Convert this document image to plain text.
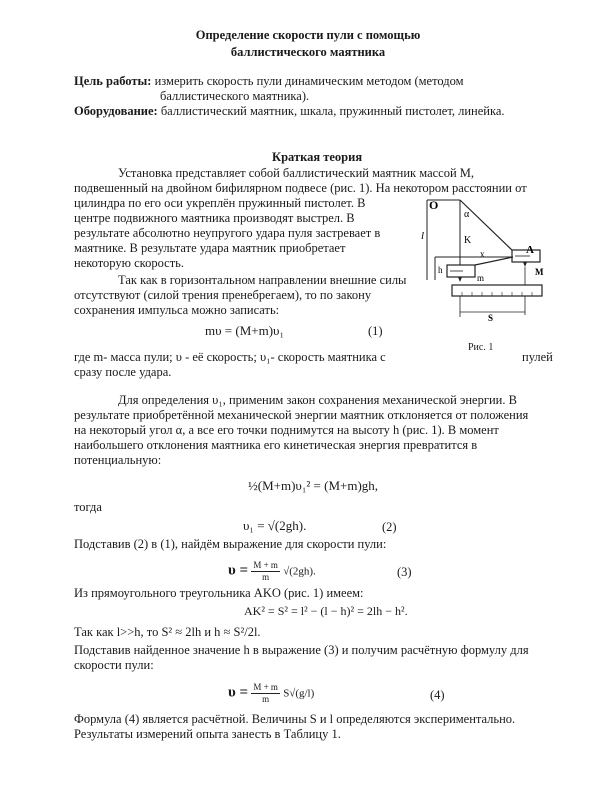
Определение скорости пули с помощью
баллистического маятника
Цель работы: измерить скорость пули динамическим методом (методом
баллистического маятника).
Оборудование: баллистический маятник, шкала, пружинный пистолет, линейка.
Краткая теория
Установка представляет собой баллистический маятник массой M,
подвешенный на двойном бифилярном подвесе (рис. 1). На некотором расстоянии от
цилиндра по его оси укреплён пружинный пистолет. В
центре подвижного маятника производят выстрел. В
результате абсолютно неупругого удара пуля застревает в
маятнике. В результате удара маятник приобретает
некоторую скорость.
Так как в горизонтальном направлении внешние силы
отсутствуют (силой трения пренебрегаем), то по закону
сохранения импульса можно записать:
mυ = (M+m)υ₁	(1)
O
α
l	K
x	A
h
m
M
S
Рис. 1
где m- масса пули; υ - её скорость; υ₁- скорость маятника с	пулей
сразу после удара.
Для определения υ₁, применим закон сохранения механической энергии. В
результате приобретённой механической энергии маятник отклоняется от положения
на некоторый угол α, а все его точки поднимутся на высоту h (рис. 1). В момент
наибольшего отклонения маятника его кинетическая энергия превратится в
потенциальную:
½(M+m)υ₁² = (M+m)gh,
тогда
υ₁ = √(2gh).	(2)
Подставив (2) в (1), найдём выражение для скорости пули:
$\upsilon = \frac{M + m}{m} √(2gh)$.	(3)
Из прямоугольного треугольника AKO (рис. 1) имеем:
AK² = S² = l² − (l − h)² = 2lh − h².
Так как l>>h, то S² ≈ 2lh и h ≈ S²/2l.
Подставив найденное значение h в выражение (3) и получим расчётную формулу для
скорости пули:
$\upsilon = \frac{M + m}{m} S√(g/l)$	(4)
Формула (4) является расчётной. Величины S и l определяются экспериментально.
Результаты измерений опыта занесть в Таблицу 1.
